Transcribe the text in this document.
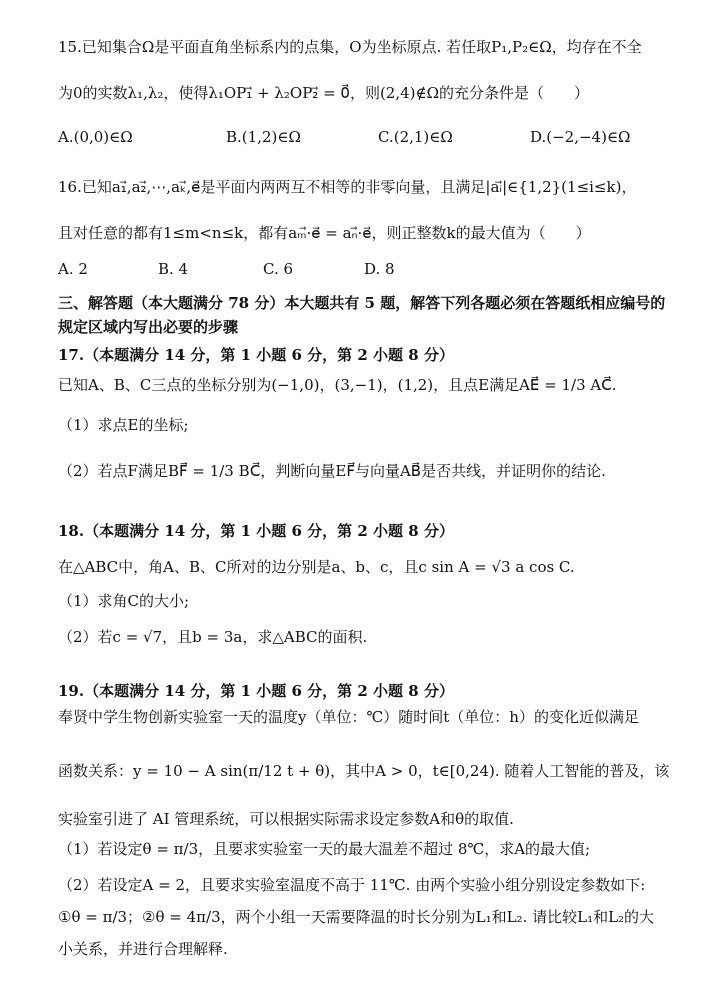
15.已知集合Ω是平面直角坐标系内的点集，O为坐标原点. 若任取P₁,P₂∈Ω，均存在不全
为0的实数λ₁,λ₂，使得λ₁OP₁⃗ + λ₂OP₂⃗ = 0⃗，则(2,4)∉Ω的充分条件是（　　）
A.(0,0)∈Ω	B.(1,2)∈Ω	C.(2,1)∈Ω	D.(−2,−4)∈Ω
16.已知a₁⃗,a₂⃗,⋯,aₖ⃗,e⃗是平面内两两互不相等的非零向量，且满足|aᵢ⃗|∈{1,2}(1≤i≤k)，
且对任意的都有1≤m<n≤k，都有aₘ⃗·e⃗ = aₙ⃗·e⃗，则正整数k的最大值为（　　）
A. 2	B. 4	C. 6	D. 8
三、解答题（本大题满分 78 分）本大题共有 5 题，解答下列各题必须在答题纸相应编号的
规定区域内写出必要的步骤
17.（本题满分 14 分，第 1 小题 6 分，第 2 小题 8 分）
已知A、B、C三点的坐标分别为(−1,0)，(3,−1)，(1,2)，且点E满足AE⃗ = 1/3 AC⃗.
（1）求点E的坐标;
（2）若点F满足BF⃗ = 1/3 BC⃗，判断向量EF⃗与向量AB⃗是否共线，并证明你的结论.
18.（本题满分 14 分，第 1 小题 6 分，第 2 小题 8 分）
在△ABC中，角A、B、C所对的边分别是a、b、c，且c sin A = √3 a cos C.
（1）求角C的大小;
（2）若c = √7，且b = 3a，求△ABC的面积.
19.（本题满分 14 分，第 1 小题 6 分，第 2 小题 8 分）
奉贤中学生物创新实验室一天的温度y（单位：℃）随时间t（单位：h）的变化近似满足
函数关系：y = 10 − A sin(π/12 t + θ)，其中A > 0，t∈[0,24). 随着人工智能的普及，该
实验室引进了 AI 管理系统，可以根据实际需求设定参数A和θ的取值.
（1）若设定θ = π/3，且要求实验室一天的最大温差不超过 8℃，求A的最大值;
（2）若设定A = 2，且要求实验室温度不高于 11℃. 由两个实验小组分别设定参数如下:
①θ = π/3；②θ = 4π/3，两个小组一天需要降温的时长分别为L₁和L₂. 请比较L₁和L₂的大
小关系，并进行合理解释.
